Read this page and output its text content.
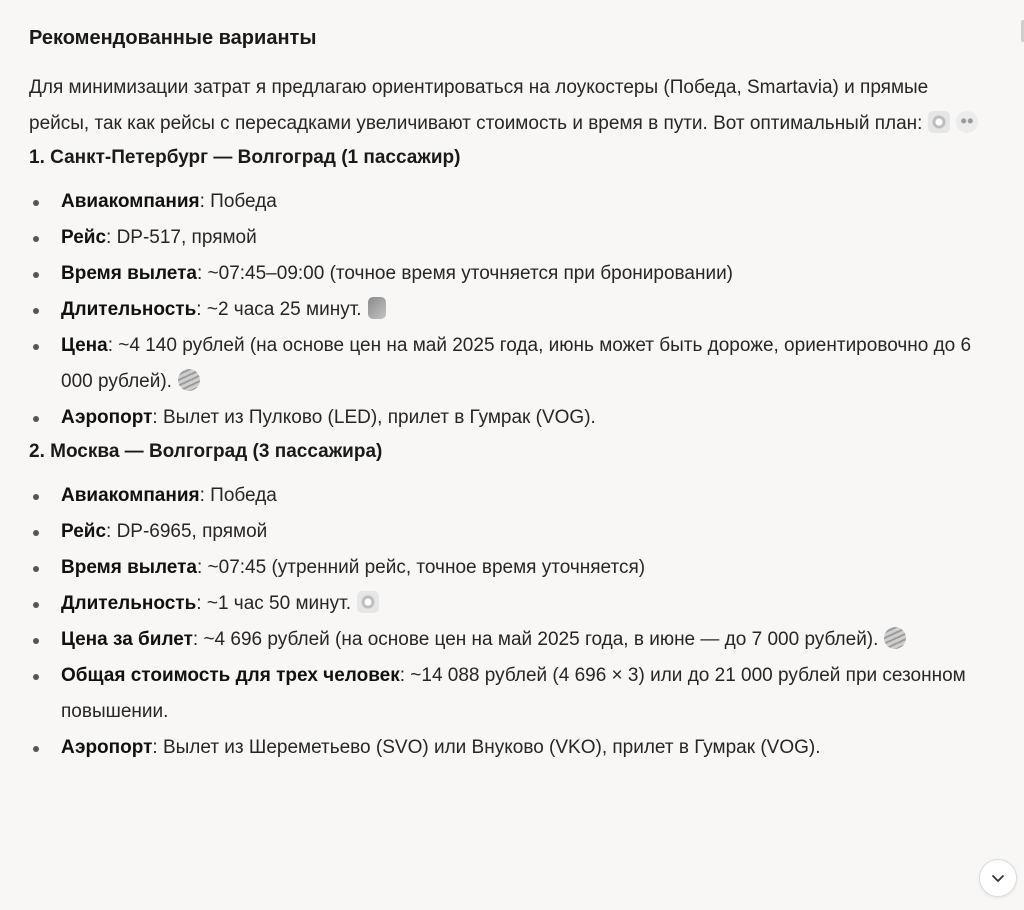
Рекомендованные варианты

Для минимизации затрат я предлагаю ориентироваться на лоукостеры (Победа, Smartavia) и прямые рейсы, так как рейсы с пересадками увеличивают стоимость и время в пути. Вот оптимальный план:

1. Санкт-Петербург — Волгоград (1 пассажир)
Авиакомпания: Победа
Рейс: DP-517, прямой
Время вылета: ~07:45–09:00 (точное время уточняется при бронировании)
Длительность: ~2 часа 25 минут.
Цена: ~4 140 рублей (на основе цен на май 2025 года, июнь может быть дороже, ориентировочно до 6 000 рублей).
Аэропорт: Вылет из Пулково (LED), прилет в Гумрак (VOG).
2. Москва — Волгоград (3 пассажира)
Авиакомпания: Победа
Рейс: DP-6965, прямой
Время вылета: ~07:45 (утренний рейс, точное время уточняется)
Длительность: ~1 час 50 минут.
Цена за билет: ~4 696 рублей (на основе цен на май 2025 года, в июне — до 7 000 рублей).
Общая стоимость для трех человек: ~14 088 рублей (4 696 × 3) или до 21 000 рублей при сезонном повышении.
Аэропорт: Вылет из Шереметьево (SVO) или Внуково (VKO), прилет в Гумрак (VOG).
